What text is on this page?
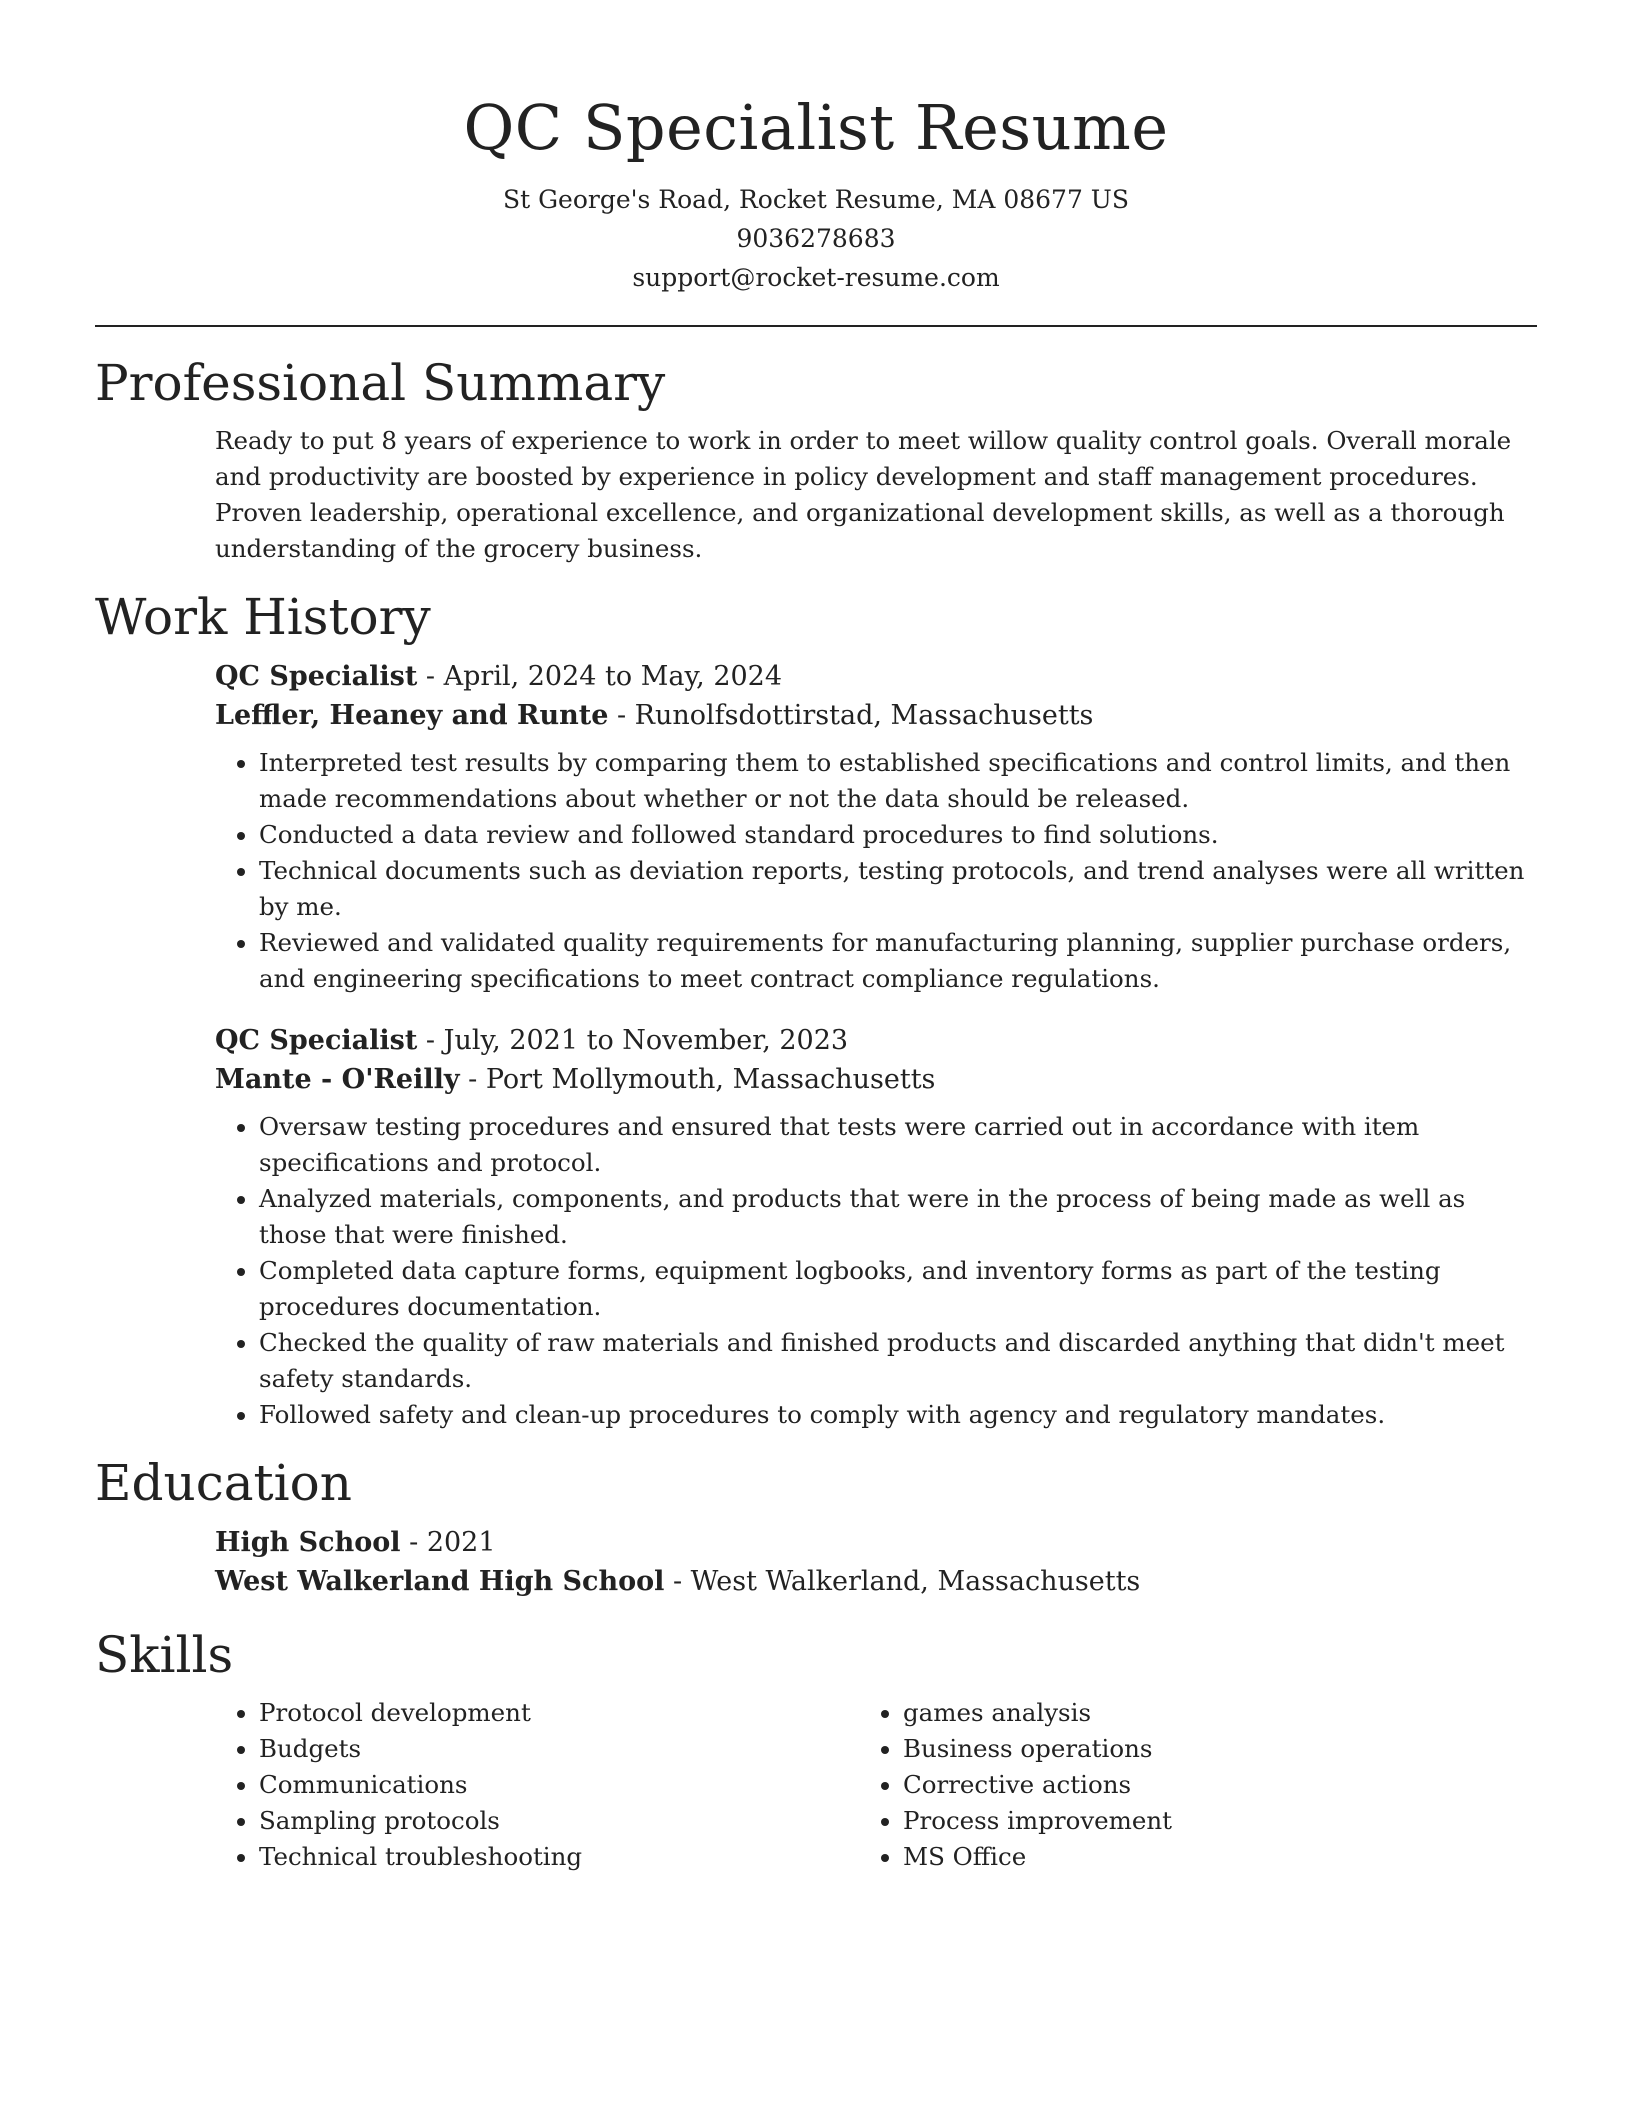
QC Specialist Resume

St George's Road, Rocket Resume, MA 08677 US

9036278683

support@rocket-resume.com

Professional Summary

Ready to put 8 years of experience to work in order to meet willow quality control goals. Overall morale and productivity are boosted by experience in policy development and staff management procedures. Proven leadership, operational excellence, and organizational development skills, as well as a thorough understanding of the grocery business.

Work History

QC Specialist - April, 2024 to May, 2024

Leffler, Heaney and Runte - Runolfsdottirstad, Massachusetts

• Interpreted test results by comparing them to established specifications and control limits, and then made recommendations about whether or not the data should be released.
• Conducted a data review and followed standard procedures to find solutions.
• Technical documents such as deviation reports, testing protocols, and trend analyses were all written by me.
• Reviewed and validated quality requirements for manufacturing planning, supplier purchase orders, and engineering specifications to meet contract compliance regulations.

QC Specialist - July, 2021 to November, 2023

Mante - O'Reilly - Port Mollymouth, Massachusetts

• Oversaw testing procedures and ensured that tests were carried out in accordance with item specifications and protocol.
• Analyzed materials, components, and products that were in the process of being made as well as those that were finished.
• Completed data capture forms, equipment logbooks, and inventory forms as part of the testing procedures documentation.
• Checked the quality of raw materials and finished products and discarded anything that didn't meet safety standards.
• Followed safety and clean-up procedures to comply with agency and regulatory mandates.
Education

High School - 2021

West Walkerland High School - West Walkerland, Massachusetts

Skills
• Protocol development
• Budgets
• Communications
• Sampling protocols
• Technical troubleshooting
• games analysis
• Business operations
• Corrective actions
• Process improvement
• MS Office
